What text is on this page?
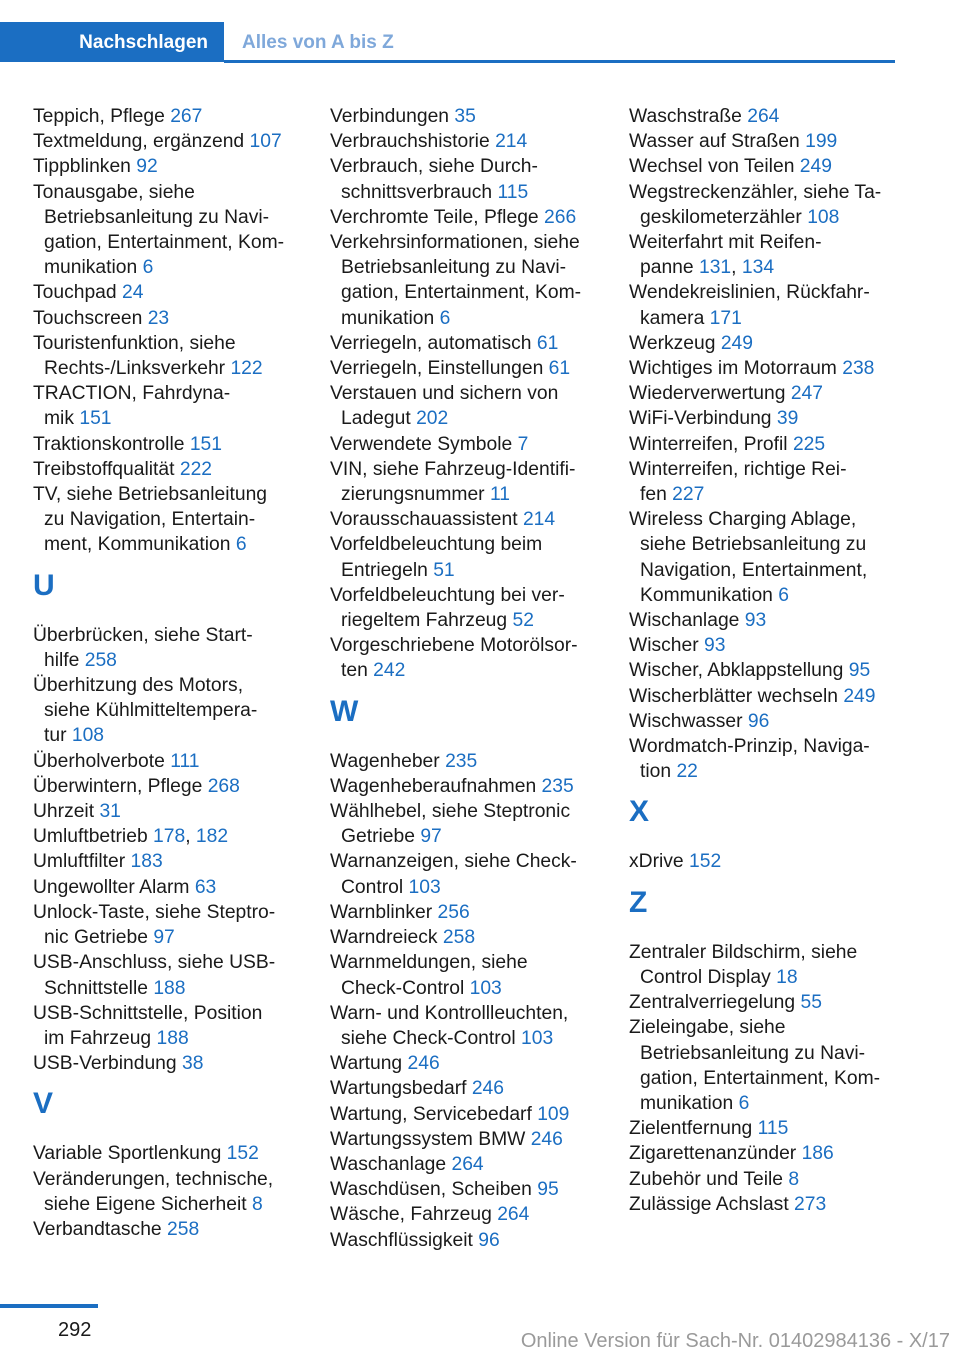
Nachschlagen	Alles von A bis Z
Teppich, Pflege 267
Textmeldung, ergänzend 107
Tippblinken 92
Tonausgabe, siehe
Betriebsanleitung zu Navi-
gation, Entertainment, Kom-
munikation 6
Touchpad 24
Touchscreen 23
Touristenfunktion, siehe
Rechts-/Linksverkehr 122
TRACTION, Fahrdyna-
mik 151
Traktionskontrolle 151
Treibstoffqualität 222
TV, siehe Betriebsanleitung
zu Navigation, Entertain-
ment, Kommunikation 6
U
Überbrücken, siehe Start-
hilfe 258
Überhitzung des Motors,
siehe Kühlmitteltempera-
tur 108
Überholverbote 111
Überwintern, Pflege 268
Uhrzeit 31
Umluftbetrieb 178, 182
Umluftfilter 183
Ungewollter Alarm 63
Unlock-Taste, siehe Steptro-
nic Getriebe 97
USB-Anschluss, siehe USB-
Schnittstelle 188
USB-Schnittstelle, Position
im Fahrzeug 188
USB-Verbindung 38
V
Variable Sportlenkung 152
Veränderungen, technische,
siehe Eigene Sicherheit 8
Verbandtasche 258
Verbindungen 35
Verbrauchshistorie 214
Verbrauch, siehe Durch-
schnittsverbrauch 115
Verchromte Teile, Pflege 266
Verkehrsinformationen, siehe
Betriebsanleitung zu Navi-
gation, Entertainment, Kom-
munikation 6
Verriegeln, automatisch 61
Verriegeln, Einstellungen 61
Verstauen und sichern von
Ladegut 202
Verwendete Symbole 7
VIN, siehe Fahrzeug-Identifi-
zierungsnummer 11
Vorausschauassistent 214
Vorfeldbeleuchtung beim
Entriegeln 51
Vorfeldbeleuchtung bei ver-
riegeltem Fahrzeug 52
Vorgeschriebene Motorölsor-
ten 242
W
Wagenheber 235
Wagenheberaufnahmen 235
Wählhebel, siehe Steptronic
Getriebe 97
Warnanzeigen, siehe Check-
Control 103
Warnblinker 256
Warndreieck 258
Warnmeldungen, siehe
Check-Control 103
Warn- und Kontrollleuchten,
siehe Check-Control 103
Wartung 246
Wartungsbedarf 246
Wartung, Servicebedarf 109
Wartungssystem BMW 246
Waschanlage 264
Waschdüsen, Scheiben 95
Wäsche, Fahrzeug 264
Waschflüssigkeit 96
Waschstraße 264
Wasser auf Straßen 199
Wechsel von Teilen 249
Wegstreckenzähler, siehe Ta-
geskilometerzähler 108
Weiterfahrt mit Reifen-
panne 131, 134
Wendekreislinien, Rückfahr-
kamera 171
Werkzeug 249
Wichtiges im Motorraum 238
Wiederverwertung 247
WiFi-Verbindung 39
Winterreifen, Profil 225
Winterreifen, richtige Rei-
fen 227
Wireless Charging Ablage,
siehe Betriebsanleitung zu
Navigation, Entertainment,
Kommunikation 6
Wischanlage 93
Wischer 93
Wischer, Abklappstellung 95
Wischerblätter wechseln 249
Wischwasser 96
Wordmatch-Prinzip, Naviga-
tion 22
X
xDrive 152
Z
Zentraler Bildschirm, siehe
Control Display 18
Zentralverriegelung 55
Zieleingabe, siehe
Betriebsanleitung zu Navi-
gation, Entertainment, Kom-
munikation 6
Zielentfernung 115
Zigarettenanzünder 186
Zubehör und Teile 8
Zulässige Achslast 273
292	Online Version für Sach-Nr. 01402984136 - X/17
